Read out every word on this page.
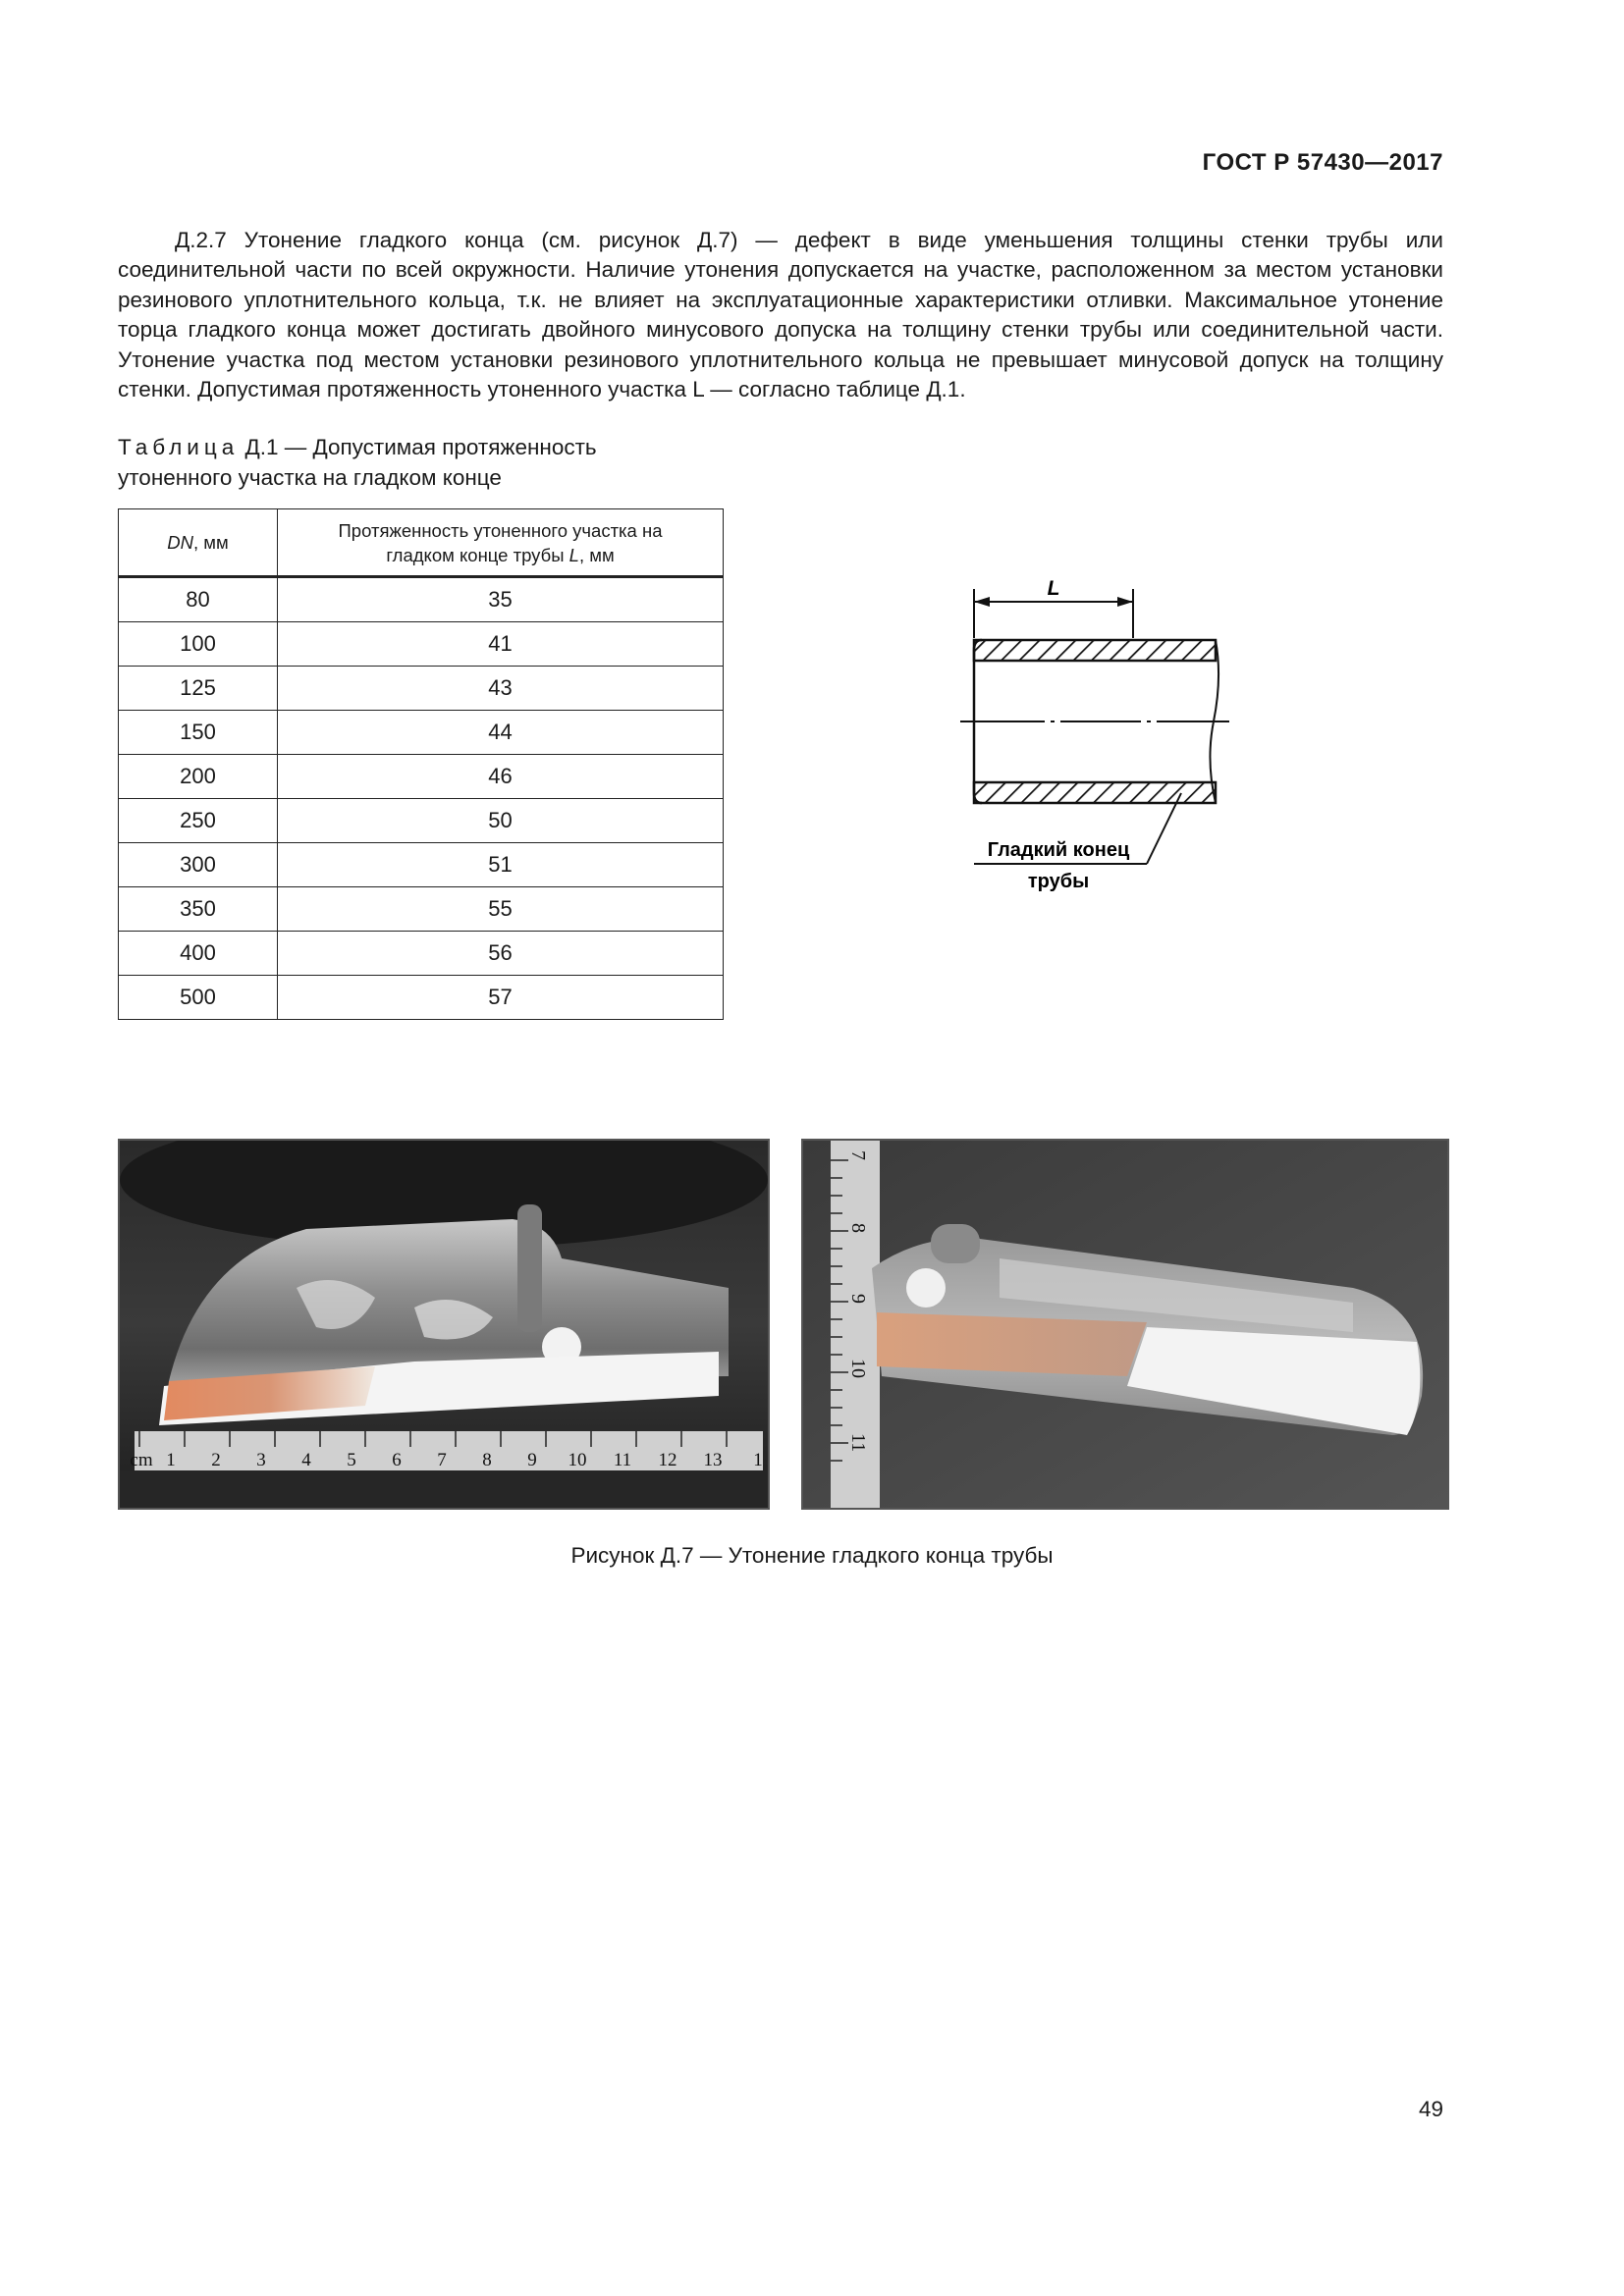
ГОСТ Р 57430—2017

Д.2.7 Утонение гладкого конца (см. рисунок Д.7) — дефект в виде уменьшения толщины стенки трубы или соединительной части по всей окружности. Наличие утонения допускается на участке, расположенном за местом установки резинового уплотнительного кольца, т.к. не влияет на эксплуатационные характеристики отливки. Максимальное утонение торца гладкого конца может достигать двойного минусового допуска на толщину стенки трубы или соединительной части. Утонение участка под местом установки резинового уплотнительного кольца не превышает минусовой допуск на толщину стенки. Допустимая протяженность утоненного участка L — согласно таблице Д.1.

Таблица Д.1 — Допустимая протяженность
утоненного участка на гладком конце
DN, мм	Протяженность утоненного участка на
гладком конце трубы L, мм
80	35
100	41
125	43
150	44
200	46
250	50
300	51
350	55
400	56
500	57
L
Гладкий конец
трубы
cm 1 2 3 4 5 6 7 8 9 10 11 12 13 1
7
8
9
10
11
Рисунок Д.7 — Утонение гладкого конца трубы
49
